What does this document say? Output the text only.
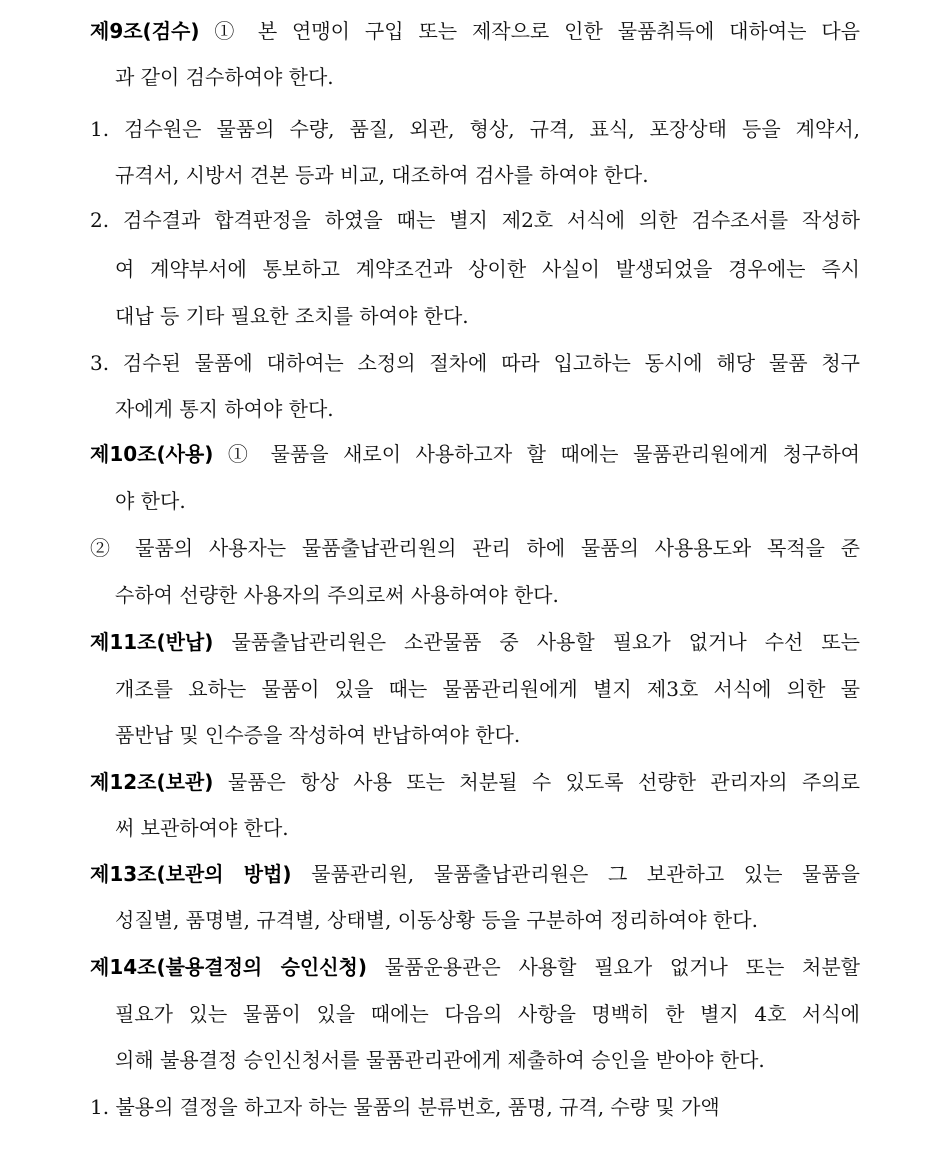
제9조(검수) ① 본 연맹이 구입 또는 제작으로 인한 물품취득에 대하여는 다음
과 같이 검수하여야 한다.
1. 검수원은 물품의 수량, 품질, 외관, 형상, 규격, 표식, 포장상태 등을 계약서,
규격서, 시방서 견본 등과 비교, 대조하여 검사를 하여야 한다.
2. 검수결과 합격판정을 하였을 때는 별지 제2호 서식에 의한 검수조서를 작성하
여 계약부서에 통보하고 계약조건과 상이한 사실이 발생되었을 경우에는 즉시
대납 등 기타 필요한 조치를 하여야 한다.
3. 검수된 물품에 대하여는 소정의 절차에 따라 입고하는 동시에 해당 물품 청구
자에게 통지 하여야 한다.
제10조(사용) ① 물품을 새로이 사용하고자 할 때에는 물품관리원에게 청구하여
야 한다.
② 물품의 사용자는 물품출납관리원의 관리 하에 물품의 사용용도와 목적을 준
수하여 선량한 사용자의 주의로써 사용하여야 한다.
제11조(반납) 물품출납관리원은 소관물품 중 사용할 필요가 없거나 수선 또는
개조를 요하는 물품이 있을 때는 물품관리원에게 별지 제3호 서식에 의한 물
품반납 및 인수증을 작성하여 반납하여야 한다.
제12조(보관) 물품은 항상 사용 또는 처분될 수 있도록 선량한 관리자의 주의로
써 보관하여야 한다.
제13조(보관의 방법) 물품관리원, 물품출납관리원은 그 보관하고 있는 물품을
성질별, 품명별, 규격별, 상태별, 이동상황 등을 구분하여 정리하여야 한다.
제14조(불용결정의 승인신청) 물품운용관은 사용할 필요가 없거나 또는 처분할
필요가 있는 물품이 있을 때에는 다음의 사항을 명백히 한 별지 4호 서식에
의해 불용결정 승인신청서를 물품관리관에게 제출하여 승인을 받아야 한다.
1. 불용의 결정을 하고자 하는 물품의 분류번호, 품명, 규격, 수량 및 가액
